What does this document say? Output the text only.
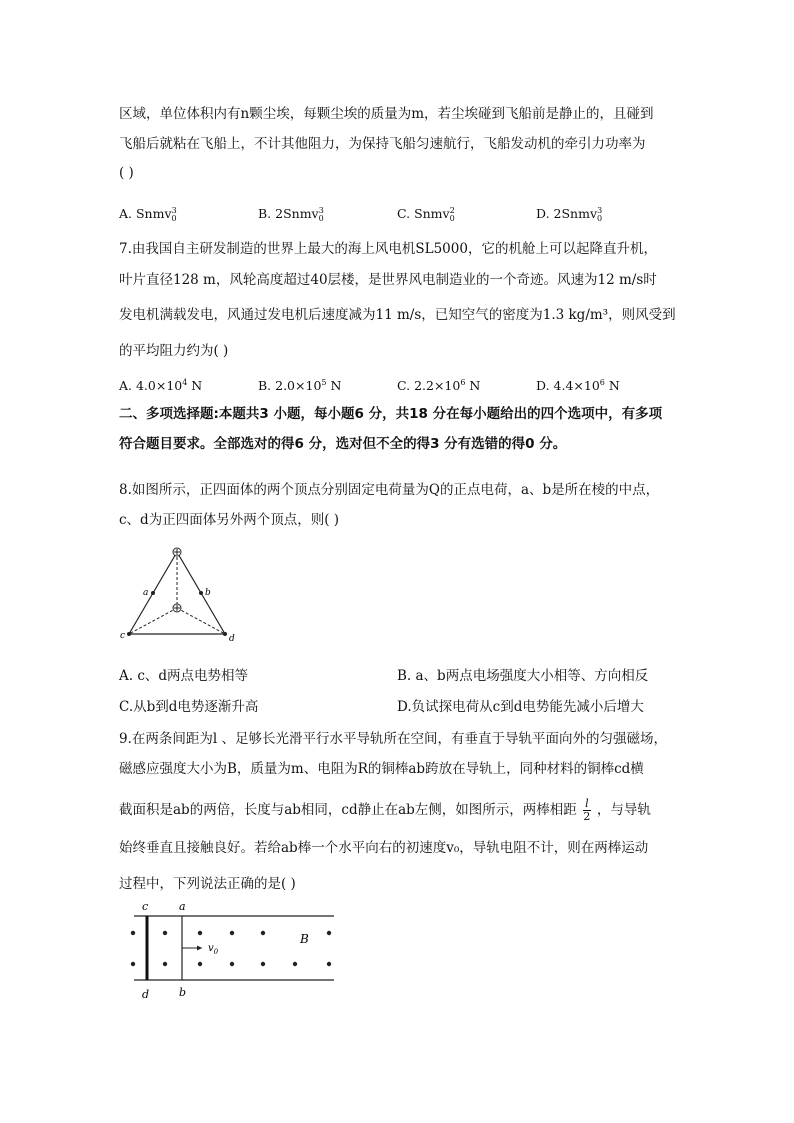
区域，单位体积内有n颗尘埃，每颗尘埃的质量为m，若尘埃碰到飞船前是静止的，且碰到
飞船后就粘在飞船上，不计其他阻力，为保持飞船匀速航行，飞船发动机的牵引力功率为
( )
A. Snmv$_0^3$	B. 2Snmv$_0^3$	C. Snmv$_0^2$	D. 2Snmv$_0^3$
7.由我国自主研发制造的世界上最大的海上风电机SL5000，它的机舱上可以起降直升机，
叶片直径128 m，风轮高度超过40层楼，是世界风电制造业的一个奇迹。风速为12 m/s时
发电机满载发电，风通过发电机后速度减为11 m/s，已知空气的密度为1.3 kg/m³，则风受到
的平均阻力约为( )
A. $4.0\times 10^4$ N	B. $2.0\times 10^5$ N	C. $2.2\times 10^6$ N	D. $4.4\times 10^6$ N
二、多项选择题:本题共3 小题，每小题6 分，共18 分在每小题给出的四个选项中，有多项
符合题目要求。全部选对的得6 分，选对但不全的得3 分有选错的得0 分。
8.如图所示，正四面体的两个顶点分别固定电荷量为Q的正点电荷，a、b是所在棱的中点，
c、d为正四面体另外两个顶点，则( )
a	b
c	d
A. c、d两点电势相等	B. a、b两点电场强度大小相等、方向相反
C.从b到d电势逐渐升高	D.负试探电荷从c到d电势能先减小后增大
9.在两条间距为l 、足够长光滑平行水平导轨所在空间，有垂直于导轨平面向外的匀强磁场，
磁感应强度大小为B，质量为m、电阻为R的铜棒ab跨放在导轨上，同种材料的铜棒cd横
截面积是ab的两倍，长度与ab相同，cd静止在ab左侧，如图所示，两棒相距 $\frac{l}{2}$ ，与导轨
始终垂直且接触良好。若给ab棒一个水平向右的初速度v₀，导轨电阻不计，则在两棒运动
过程中，下列说法正确的是( )
$v_0$
B
c	a
d	b
